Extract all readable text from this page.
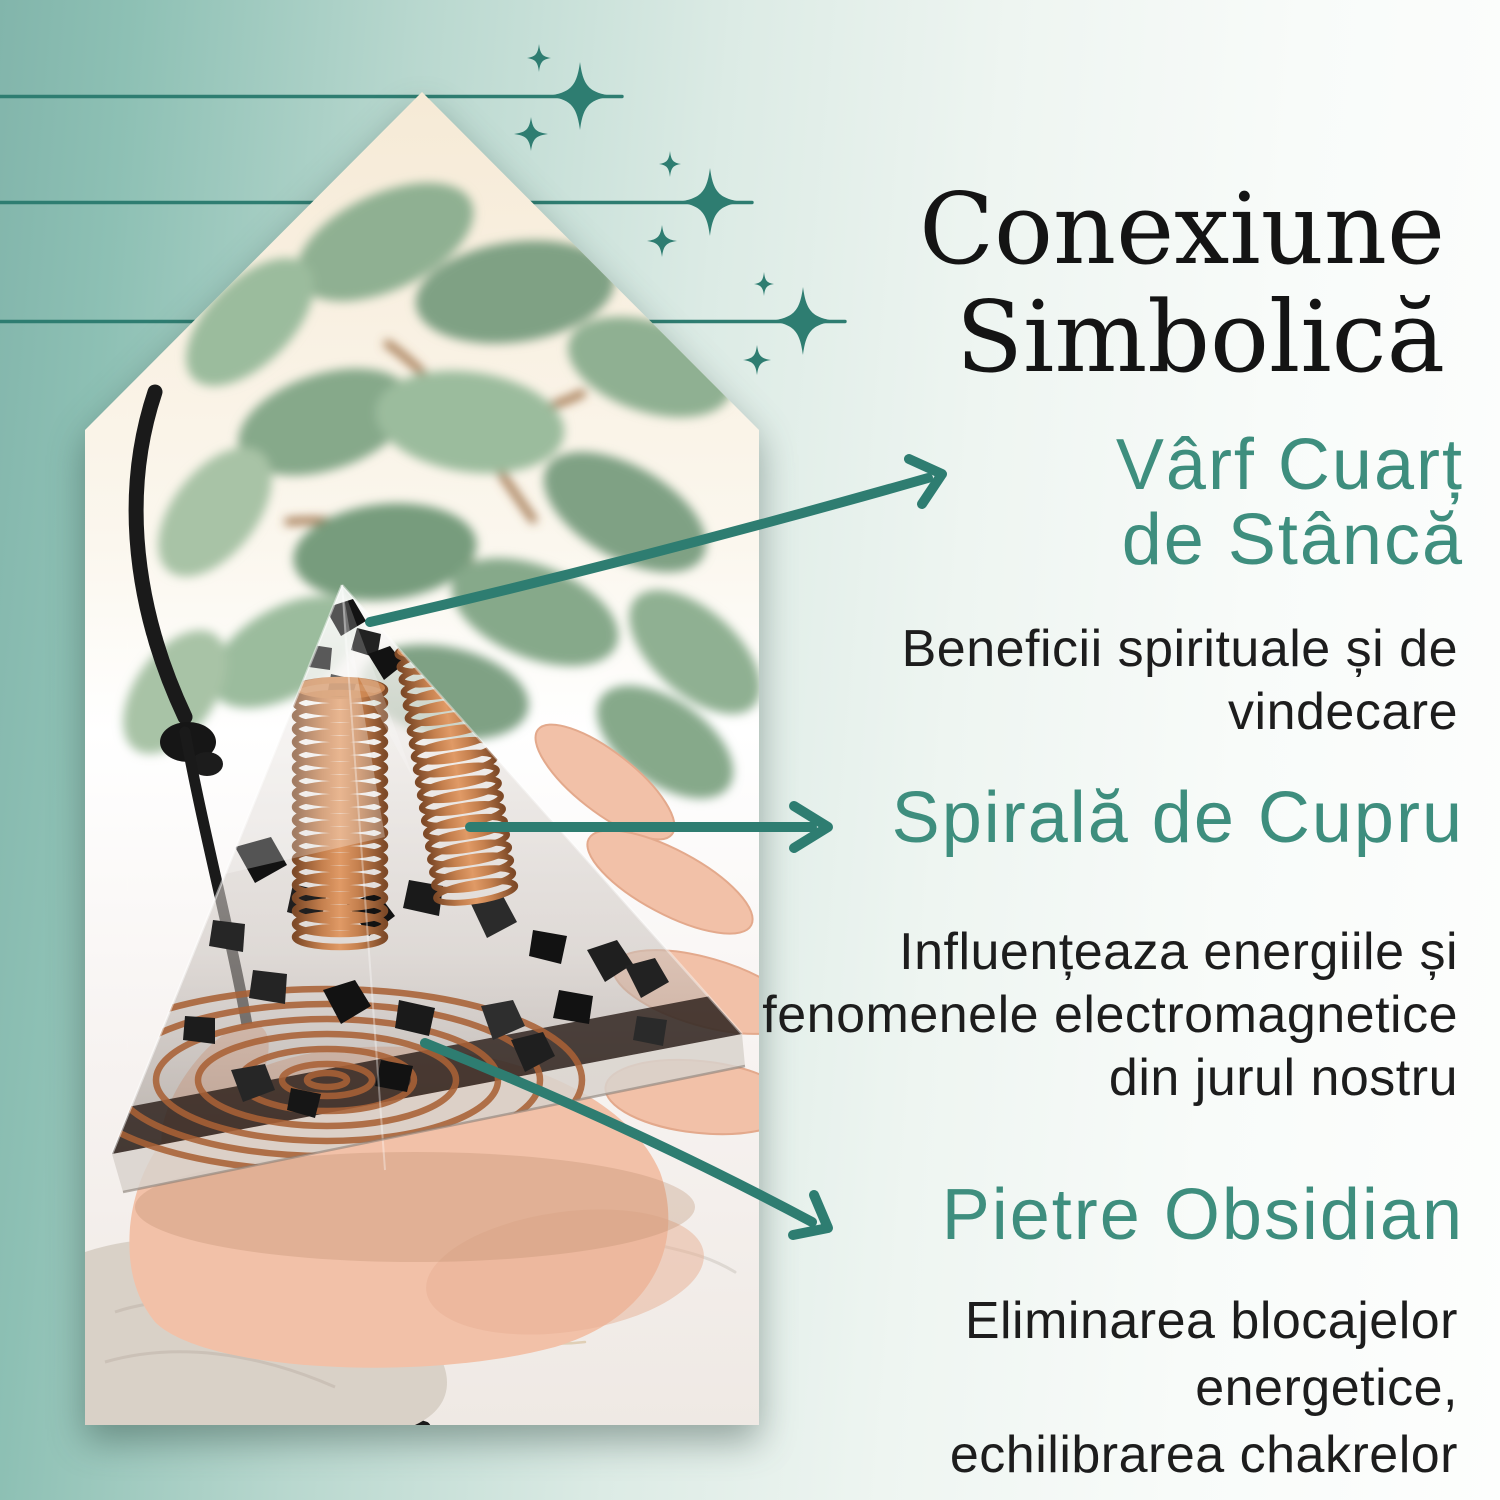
Conexiune
Simbolică
Vârf Cuarț
de Stâncă
Beneficii spirituale și de
vindecare
Spirală de Cupru
Influențeaza energiile și
fenomenele electromagnetice
din jurul nostru
Pietre Obsidian
Eliminarea blocajelor
energetice,
echilibrarea chakrelor
